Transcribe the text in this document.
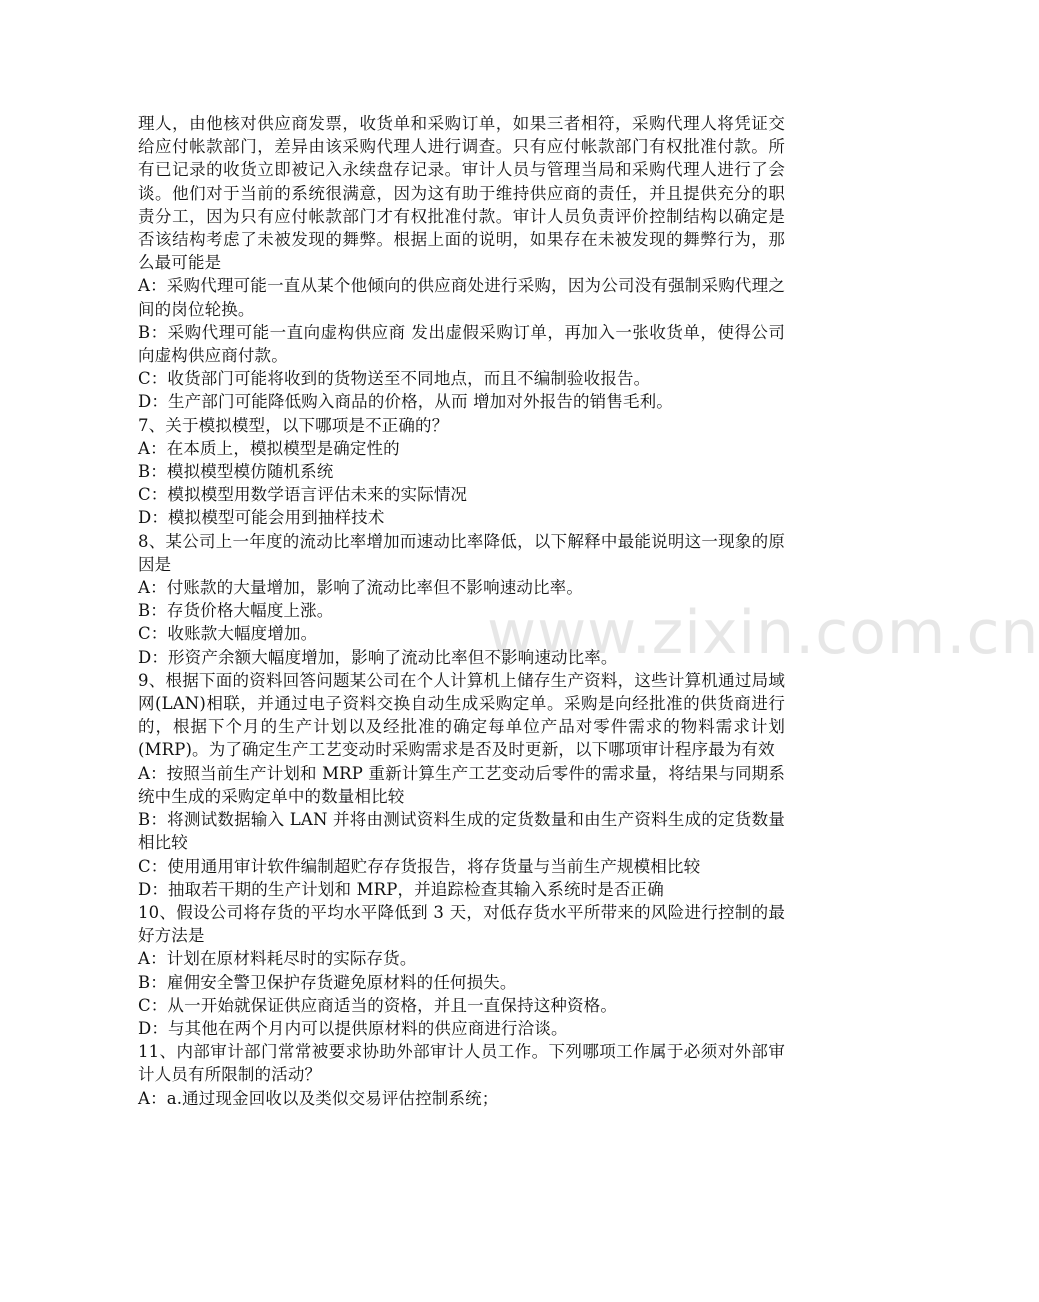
理人，由他核对供应商发票，收货单和采购订单，如果三者相符，采购代理人将凭证交给应付帐款部门，差异由该采购代理人进行调查。只有应付帐款部门有权批准付款。所有已记录的收货立即被记入永续盘存记录。审计人员与管理当局和采购代理人进行了会谈。他们对于当前的系统很满意，因为这有助于维持供应商的责任，并且提供充分的职责分工，因为只有应付帐款部门才有权批准付款。审计人员负责评价控制结构以确定是否该结构考虑了未被发现的舞弊。根据上面的说明，如果存在未被发现的舞弊行为，那么最可能是

A：采购代理可能一直从某个他倾向的供应商处进行采购，因为公司没有强制采购代理之间的岗位轮换。

B：采购代理可能一直向虚构供应商 发出虚假采购订单，再加入一张收货单，使得公司向虚构供应商付款。

C：收货部门可能将收到的货物送至不同地点，而且不编制验收报告。

D：生产部门可能降低购入商品的价格，从而 增加对外报告的销售毛利。

7、关于模拟模型，以下哪项是不正确的？

A：在本质上，模拟模型是确定性的

B：模拟模型模仿随机系统

C：模拟模型用数学语言评估未来的实际情况

D：模拟模型可能会用到抽样技术

8、某公司上一年度的流动比率增加而速动比率降低，以下解释中最能说明这一现象的原因是

A：付账款的大量增加，影响了流动比率但不影响速动比率。

B：存货价格大幅度上涨。

C：收账款大幅度增加。

D：形资产余额大幅度增加，影响了流动比率但不影响速动比率。

9、根据下面的资料回答问题某公司在个人计算机上储存生产资料，这些计算机通过局域网(LAN)相联，并通过电子资料交换自动生成采购定单。采购是向经批准的供货商进行的，根据下个月的生产计划以及经批准的确定每单位产品对零件需求的物料需求计划(MRP)。为了确定生产工艺变动时采购需求是否及时更新，以下哪项审计程序最为有效

A：按照当前生产计划和 MRP 重新计算生产工艺变动后零件的需求量，将结果与同期系统中生成的采购定单中的数量相比较

B：将测试数据输入 LAN 并将由测试资料生成的定货数量和由生产资料生成的定货数量相比较

C：使用通用审计软件编制超贮存存货报告，将存货量与当前生产规模相比较

D：抽取若干期的生产计划和 MRP，并追踪检查其输入系统时是否正确

10、假设公司将存货的平均水平降低到 3 天，对低存货水平所带来的风险进行控制的最好方法是

A：计划在原材料耗尽时的实际存货。

B：雇佣安全警卫保护存货避免原材料的任何损失。

C：从一开始就保证供应商适当的资格，并且一直保持这种资格。

D：与其他在两个月内可以提供原材料的供应商进行洽谈。

11、内部审计部门常常被要求协助外部审计人员工作。下列哪项工作属于必须对外部审计人员有所限制的活动？

A：a.通过现金回收以及类似交易评估控制系统；

www.zixin.com.cn
